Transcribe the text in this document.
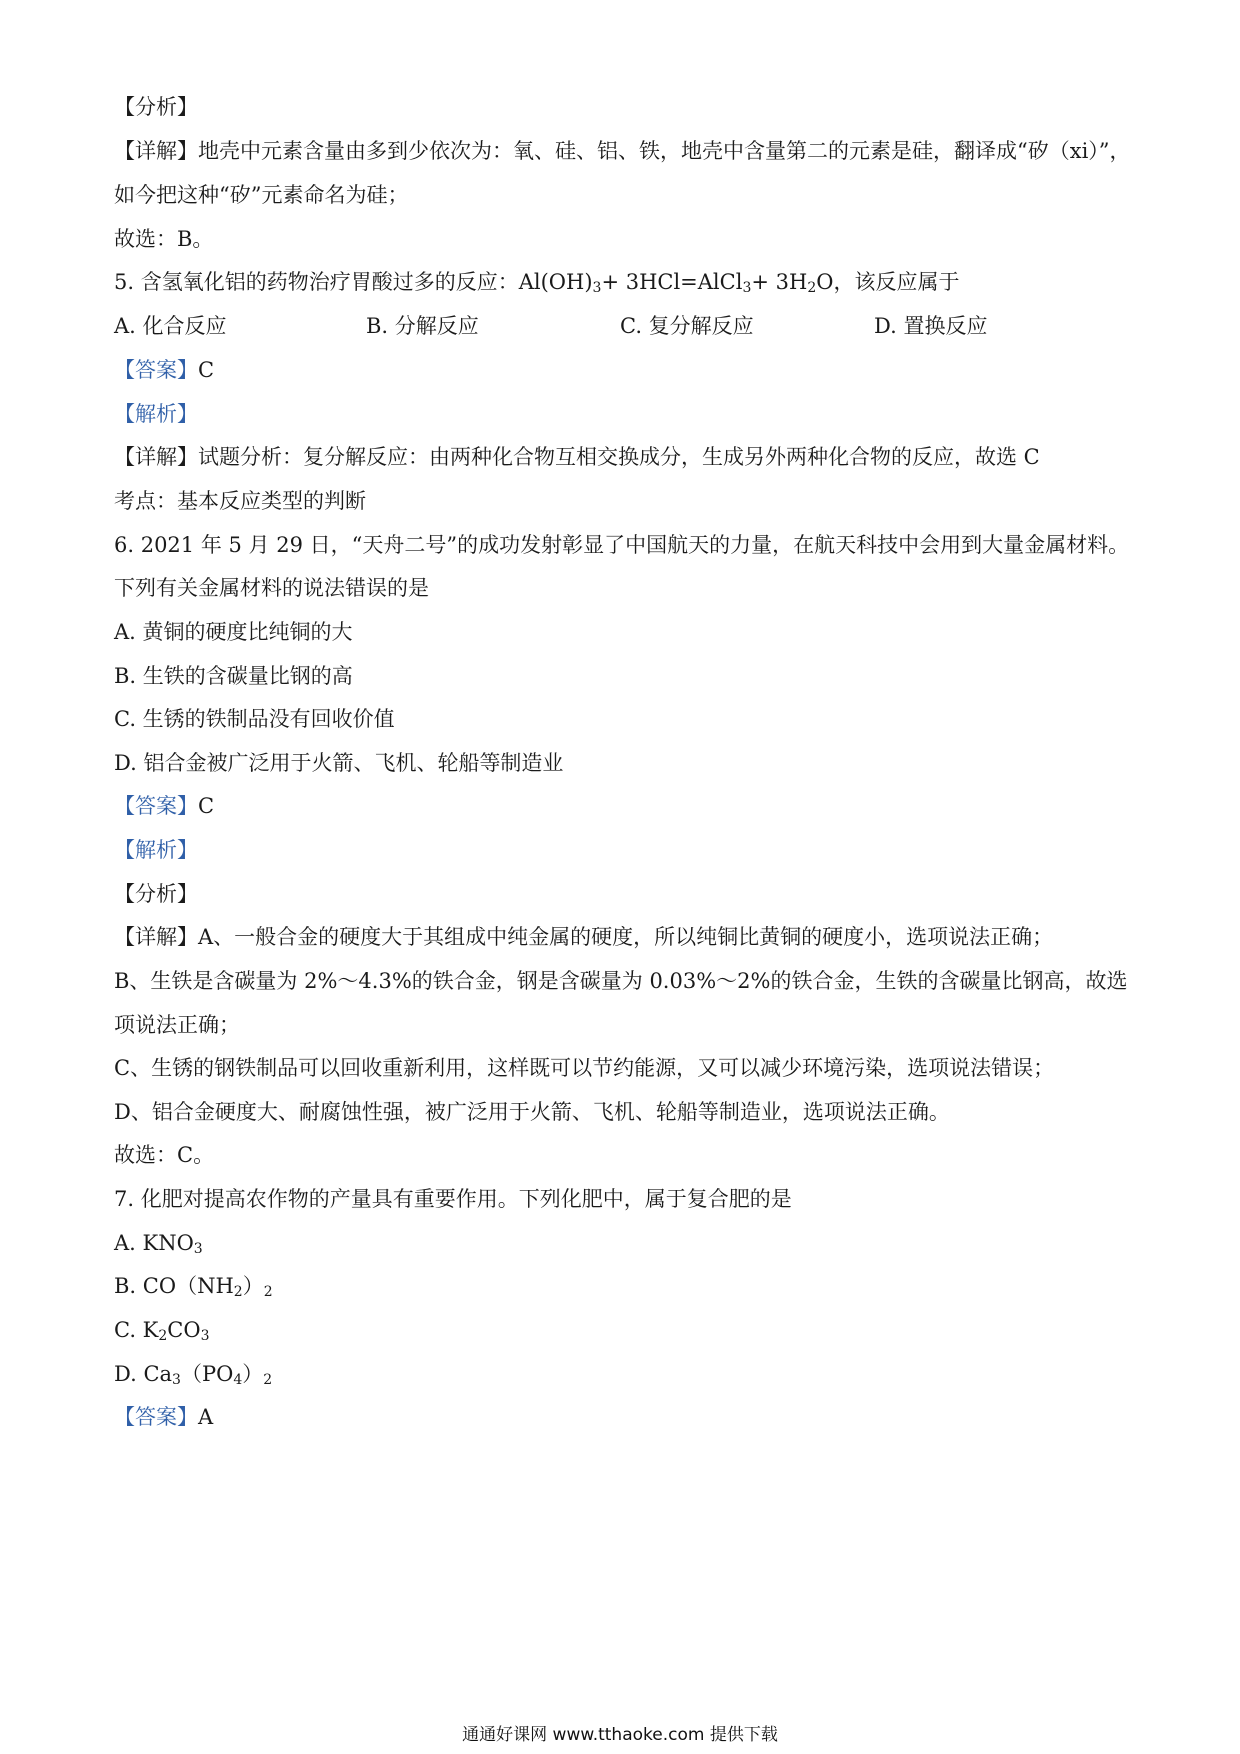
【分析】
【详解】地壳中元素含量由多到少依次为：氧、硅、铝、铁，地壳中含量第二的元素是硅，翻译成“矽（xi）”，
如今把这种“矽”元素命名为硅；
故选：B。
5. 含氢氧化铝的药物治疗胃酸过多的反应：$Al(OH)_3+$ 3HCl=AlCl$_3$+ $3H_2O$，该反应属于
A. 化合反应	B. 分解反应	C. 复分解反应	D. 置换反应
【答案】C
【解析】
【详解】试题分析：复分解反应：由两种化合物互相交换成分，生成另外两种化合物的反应，故选 C
考点：基本反应类型的判断
6. 2021 年 5 月 29 日，“天舟二号”的成功发射彰显了中国航天的力量，在航天科技中会用到大量金属材料。
下列有关金属材料的说法错误的是
A. 黄铜的硬度比纯铜的大
B. 生铁的含碳量比钢的高
C. 生锈的铁制品没有回收价值
D. 铝合金被广泛用于火箭、飞机、轮船等制造业
【答案】C
【解析】
【分析】
【详解】A、一般合金的硬度大于其组成中纯金属的硬度，所以纯铜比黄铜的硬度小，选项说法正确；
B、生铁是含碳量为 2%～4.3%的铁合金，钢是含碳量为 0.03%～2%的铁合金，生铁的含碳量比钢高，故选
项说法正确；
C、生锈的钢铁制品可以回收重新利用，这样既可以节约能源，又可以减少环境污染，选项说法错误；
D、铝合金硬度大、耐腐蚀性强，被广泛用于火箭、飞机、轮船等制造业，选项说法正确。
故选：C。
7. 化肥对提高农作物的产量具有重要作用。下列化肥中，属于复合肥的是
A. $KNO_3$
B. $CO(NH_2)_2$
C. $K_2CO_3$
D. $Ca_3(PO_4)_2$
【答案】A
通通好课网 www.tthaoke.com 提供下载
